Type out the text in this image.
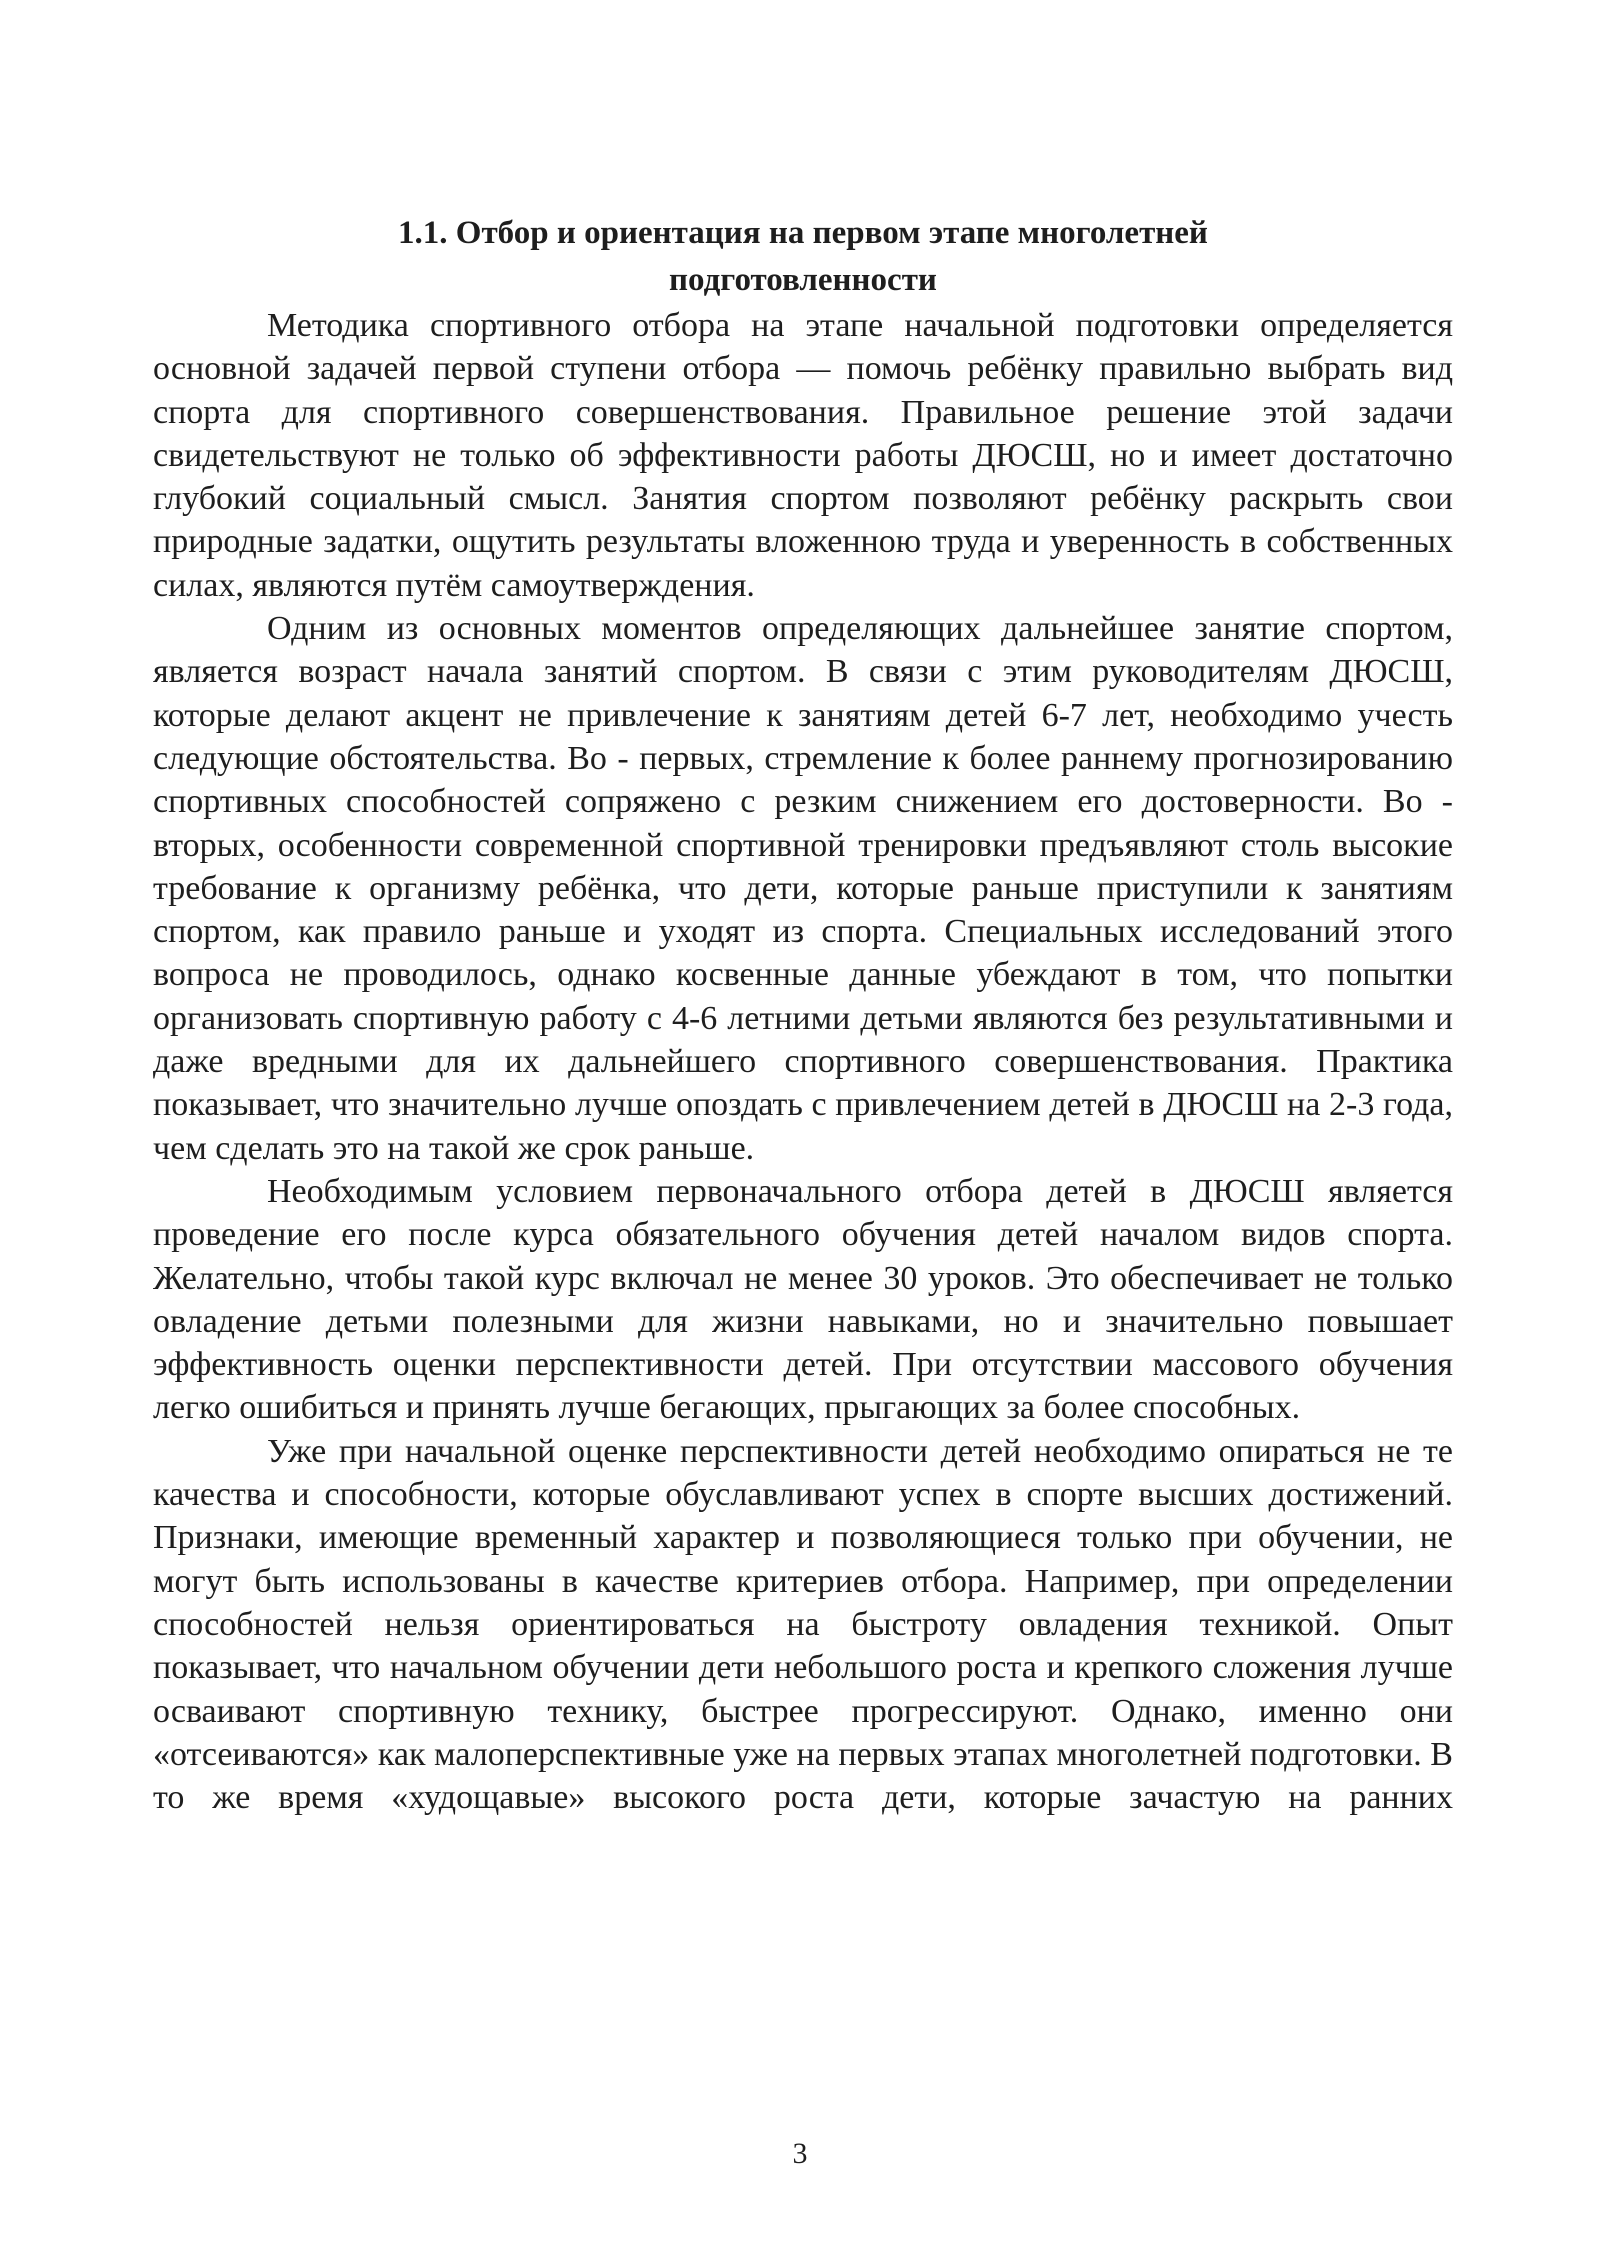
1.1. Отбор и ориентация на первом этапе многолетней
подготовленности

Методика спортивного отбора на этапе начальной подготовки определяется основной задачей первой ступени отбора — помочь ребёнку правильно выбрать вид спорта для спортивного совершенствования. Правильное решение этой задачи свидетельствуют не только об эффективности работы ДЮСШ, но и имеет достаточно глубокий социальный смысл. Занятия спортом позволяют ребёнку раскрыть свои природные задатки, ощутить результаты вложенною труда и уверенность в собственных силах, являются путём самоутверждения.

Одним из основных моментов определяющих дальнейшее занятие спортом, является возраст начала занятий спортом. В связи с этим руководителям ДЮСШ, которые делают акцент не привлечение к занятиям детей 6-7 лет, необходимо учесть следующие обстоятельства. Во - первых, стремление к более раннему прогнозированию спортивных способностей сопряжено с резким снижением его достоверности. Во - вторых, особенности современной спортивной тренировки предъявляют столь высокие требование к организму ребёнка, что дети, которые раньше приступили к занятиям спортом, как правило раньше и уходят из спорта. Специальных исследований этого вопроса не проводилось, однако косвенные данные убеждают в том, что попытки организовать спортивную работу с 4-6 летними детьми являются без результативными и даже вредными для их дальнейшего спортивного совершенствования. Практика показывает, что значительно лучше опоздать с привлечением детей в ДЮСШ на 2-3 года, чем сделать это на такой же срок раньше.

Необходимым условием первоначального отбора детей в ДЮСШ является проведение его после курса обязательного обучения детей началом видов спорта. Желательно, чтобы такой курс включал не менее 30 уроков. Это обеспечивает не только овладение детьми полезными для жизни навыками, но и значительно повышает эффективность оценки перспективности детей. При отсутствии массового обучения легко ошибиться и принять лучше бегающих, прыгающих за более способных.

Уже при начальной оценке перспективности детей необходимо опираться не те качества и способности, которые обуславливают успех в спорте высших достижений. Признаки, имеющие временный характер и позволяющиеся только при обучении, не могут быть использованы в качестве критериев отбора. Например, при определении способностей нельзя ориентироваться на быстроту овладения техникой. Опыт показывает, что начальном обучении дети небольшого роста и крепкого сложения лучше осваивают спортивную технику, быстрее прогрессируют. Однако, именно они «отсеиваются» как малоперспективные уже на первых этапах многолетней подготовки. В то же время «худощавые» высокого роста дети, которые зачастую на ранних

3
